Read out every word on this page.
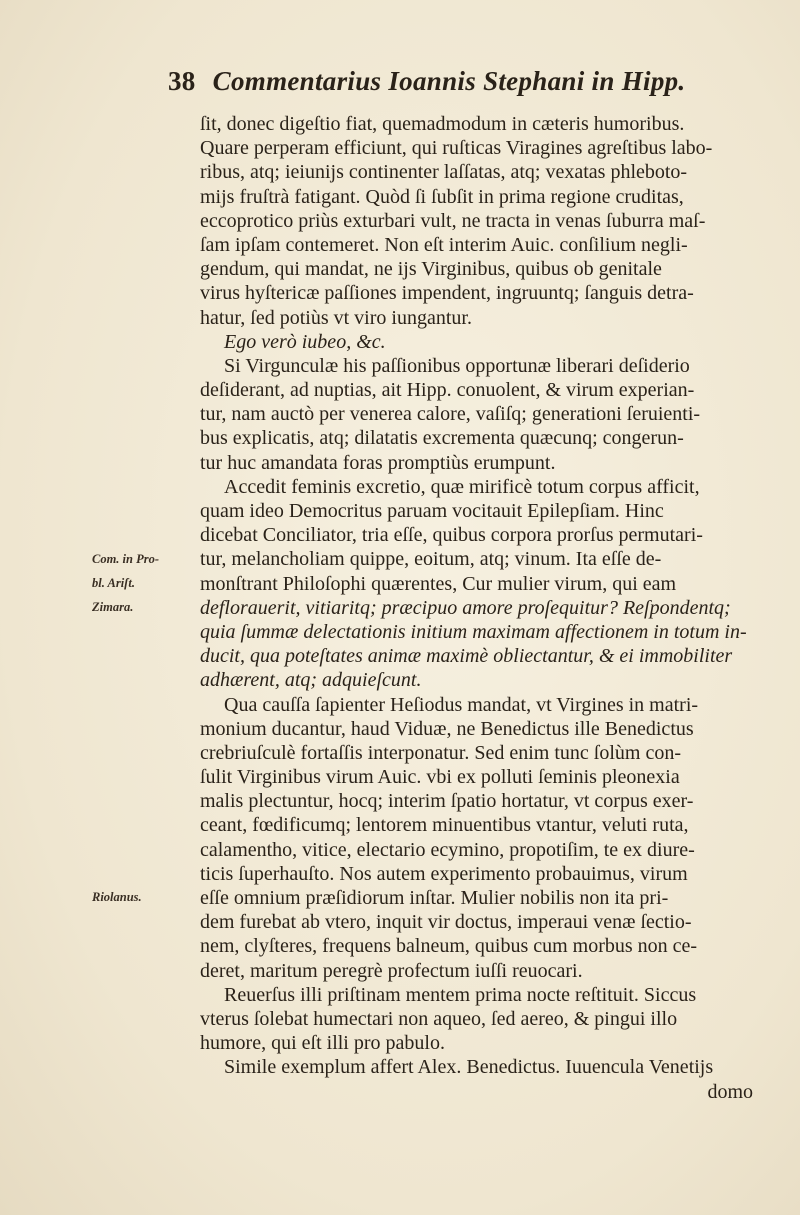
38 Commentarius Ioannis Stephani in Hipp.
ſit, donec digeſtio fiat, quemadmodum in cæteris humoribus.
Quare perperam efficiunt, qui ruſticas Viragines agreſtibus labo-
ribus, atq; ieiunijs continenter laſſatas, atq; vexatas phleboto-
mijs fruſtrà fatigant. Quòd ſi ſubſit in prima regione cruditas,
eccoprotico priùs exturbari vult, ne tracta in venas ſuburra maſ-
ſam ipſam contemeret. Non eſt interim Auic. conſilium negli-
gendum, qui mandat, ne ijs Virginibus, quibus ob genitale
virus hyſtericæ paſſiones impendent, ingruuntq; ſanguis detra-
hatur, ſed potiùs vt viro iungantur.
Ego verò iubeo, &c.
Si Virgunculæ his paſſionibus opportunæ liberari deſiderio
deſiderant, ad nuptias, ait Hipp. conuolent, & virum experian-
tur, nam auctò per venerea calore, vaſiſq; generationi ſeruienti-
bus explicatis, atq; dilatatis excrementa quæcunq; congerun-
tur huc amandata foras promptiùs erumpunt.
Accedit feminis excretio, quæ mirificè totum corpus afficit,
quam ideo Democritus paruam vocitauit Epilepſiam. Hinc
dicebat Conciliator, tria eſſe, quibus corpora prorſus permutari-
tur, melancholiam quippe, eoitum, atq; vinum. Ita eſſe de-
monſtrant Philoſophi quærentes, Cur mulier virum, qui eam
deflorauerit, vitiaritq; præcipuo amore proſequitur? Reſpondentq;
quia ſummæ delectationis initium maximam affectionem in totum in-
ducit, qua poteſtates animæ maximè obliectantur, & ei immobiliter
adhærent, atq; adquieſcunt.
Qua cauſſa ſapienter Heſiodus mandat, vt Virgines in matri-
monium ducantur, haud Viduæ, ne Benedictus ille Benedictus
crebriuſculè fortaſſis interponatur. Sed enim tunc ſolùm con-
ſulit Virginibus virum Auic. vbi ex polluti ſeminis pleonexia
malis plectuntur, hocq; interim ſpatio hortatur, vt corpus exer-
ceant, fœdificumq; lentorem minuentibus vtantur, veluti ruta,
calamentho, vitice, electario ecymino, propotiſim, te ex diure-
ticis ſuperhauſto. Nos autem experimento probauimus, virum
eſſe omnium præſidiorum inſtar. Mulier nobilis non ita pri-
dem furebat ab vtero, inquit vir doctus, imperaui venæ ſectio-
nem, clyſteres, frequens balneum, quibus cum morbus non ce-
deret, maritum peregrè profectum iuſſi reuocari.
Reuerſus illi priſtinam mentem prima nocte reſtituit. Siccus
vterus ſolebat humectari non aqueo, ſed aereo, & pingui illo
humore, qui eſt illi pro pabulo.
Simile exemplum affert Alex. Benedictus. Iuuencula Venetijs
domo
Com. in Pro-
bl. Ariſt.
Zimara.
Riolanus.
